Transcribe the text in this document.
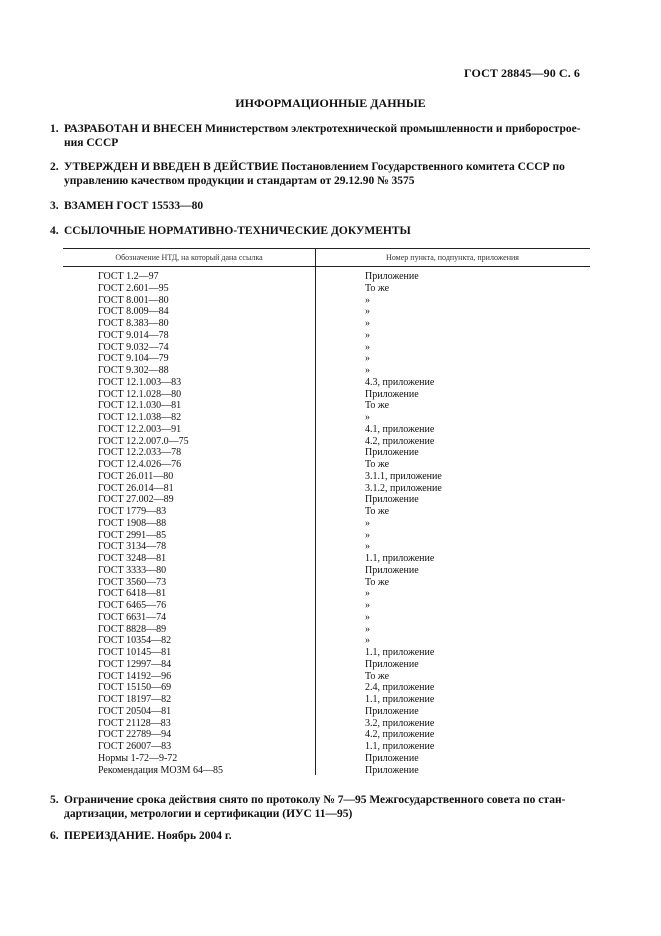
ГОСТ 28845—90 С. 6
ИНФОРМАЦИОННЫЕ ДАННЫЕ
1. РАЗРАБОТАН И ВНЕСЕН Министерством электротехнической промышленности и приборострое-ния СССР
2. УТВЕРЖДЕН И ВВЕДЕН В ДЕЙСТВИЕ Постановлением Государственного комитета СССР по управлению качеством продукции и стандартам от 29.12.90 № 3575
3. ВЗАМЕН ГОСТ 15533—80
4. ССЫЛОЧНЫЕ НОРМАТИВНО-ТЕХНИЧЕСКИЕ ДОКУМЕНТЫ
Обозначение НТД, на который дана ссылка	Номер пункта, подпункта, приложения
ГОСТ 1.2—97	Приложение
ГОСТ 2.601—95	То же
ГОСТ 8.001—80	»
ГОСТ 8.009—84	»
ГОСТ 8.383—80	»
ГОСТ 9.014—78	»
ГОСТ 9.032—74	»
ГОСТ 9.104—79	»
ГОСТ 9.302—88	»
ГОСТ 12.1.003—83	4.3, приложение
ГОСТ 12.1.028—80	Приложение
ГОСТ 12.1.030—81	То же
ГОСТ 12.1.038—82	»
ГОСТ 12.2.003—91	4.1, приложение
ГОСТ 12.2.007.0—75	4.2, приложение
ГОСТ 12.2.033—78	Приложение
ГОСТ 12.4.026—76	То же
ГОСТ 26.011—80	3.1.1, приложение
ГОСТ 26.014—81	3.1.2, приложение
ГОСТ 27.002—89	Приложение
ГОСТ 1779—83	То же
ГОСТ 1908—88	»
ГОСТ 2991—85	»
ГОСТ 3134—78	»
ГОСТ 3248—81	1.1, приложение
ГОСТ 3333—80	Приложение
ГОСТ 3560—73	То же
ГОСТ 6418—81	»
ГОСТ 6465—76	»
ГОСТ 6631—74	»
ГОСТ 8828—89	»
ГОСТ 10354—82	»
ГОСТ 10145—81	1.1, приложение
ГОСТ 12997—84	Приложение
ГОСТ 14192—96	То же
ГОСТ 15150—69	2.4, приложение
ГОСТ 18197—82	1.1, приложение
ГОСТ 20504—81	Приложение
ГОСТ 21128—83	3.2, приложение
ГОСТ 22789—94	4.2, приложение
ГОСТ 26007—83	1.1, приложение
Нормы 1-72—9-72	Приложение
Рекомендация МОЗМ 64—85	Приложение
5. Ограничение срока действия снято по протоколу № 7—95 Межгосударственного совета по стан-дартизации, метрологии и сертификации (ИУС 11—95)
6. ПЕРЕИЗДАНИЕ. Ноябрь 2004 г.
